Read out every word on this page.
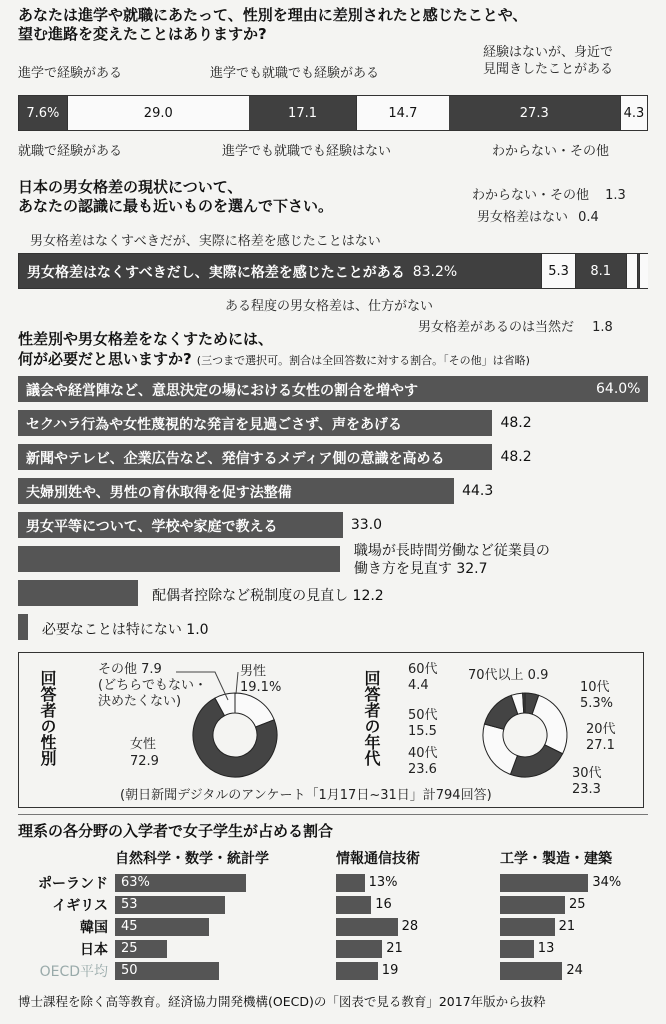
あなたは進学や就職にあたって、性別を理由に差別されたと感じたことや、
望む進路を変えたことはありますか?
進学で経験がある	進学でも就職でも経験がある
経験はないが、身近で
見聞きしたことがある
7.6%	29.0	17.1	14.7	27.3	4.3
就職で経験がある	進学でも就職でも経験はない	わからない・その他
日本の男女格差の現状について、
あなたの認識に最も近いものを選んで下さい。
わからない・その他 1.3
男女格差はない 0.4
男女格差はなくすべきだが、実際に格差を感じたことはない
男女格差はなくすべきだし、実際に格差を感じたことがある 83.2%	5.3	8.1
ある程度の男女格差は、仕方がない
男女格差があるのは当然だ 1.8
性差別や男女格差をなくすためには、
何が必要だと思いますか? (三つまで選択可。割合は全回答数に対する割合。「その他」は省略)
議会や経営陣など、意思決定の場における女性の割合を増やす	64.0%
セクハラ行為や女性蔑視的な発言を見過ごさず、声をあげる	48.2
新聞やテレビ、企業広告など、発信するメディア側の意識を高める	48.2
夫婦別姓や、男性の育休取得を促す法整備	44.3
男女平等について、学校や家庭で教える	33.0
職場が長時間労働など従業員の
働き方を見直す 32.7
配偶者控除など税制度の見直し 12.2
必要なことは特にない 1.0
回答者の性別
その他 7.9
(どちらでもない・
決めたくない)
男性
19.1%
女性
72.9	回答者の年代
60代
4.4
70代以上 0.9
10代
5.3%
50代
15.5	20代
27.1
40代
23.6	30代
23.3
(朝日新聞デジタルのアンケート「1月17日~31日」計794回答)
理系の各分野の入学者で女子学生が占める割合
自然科学・数学・統計学	情報通信技術	工学・製造・建築
ポーランド 63%	13%	34%
イギリス 53	16	25
韓国 45	28	21
日本 25	21	13
OECD平均 50	19	24
博士課程を除く高等教育。経済協力開発機構(OECD)の「図表で見る教育」2017年版から抜粋
